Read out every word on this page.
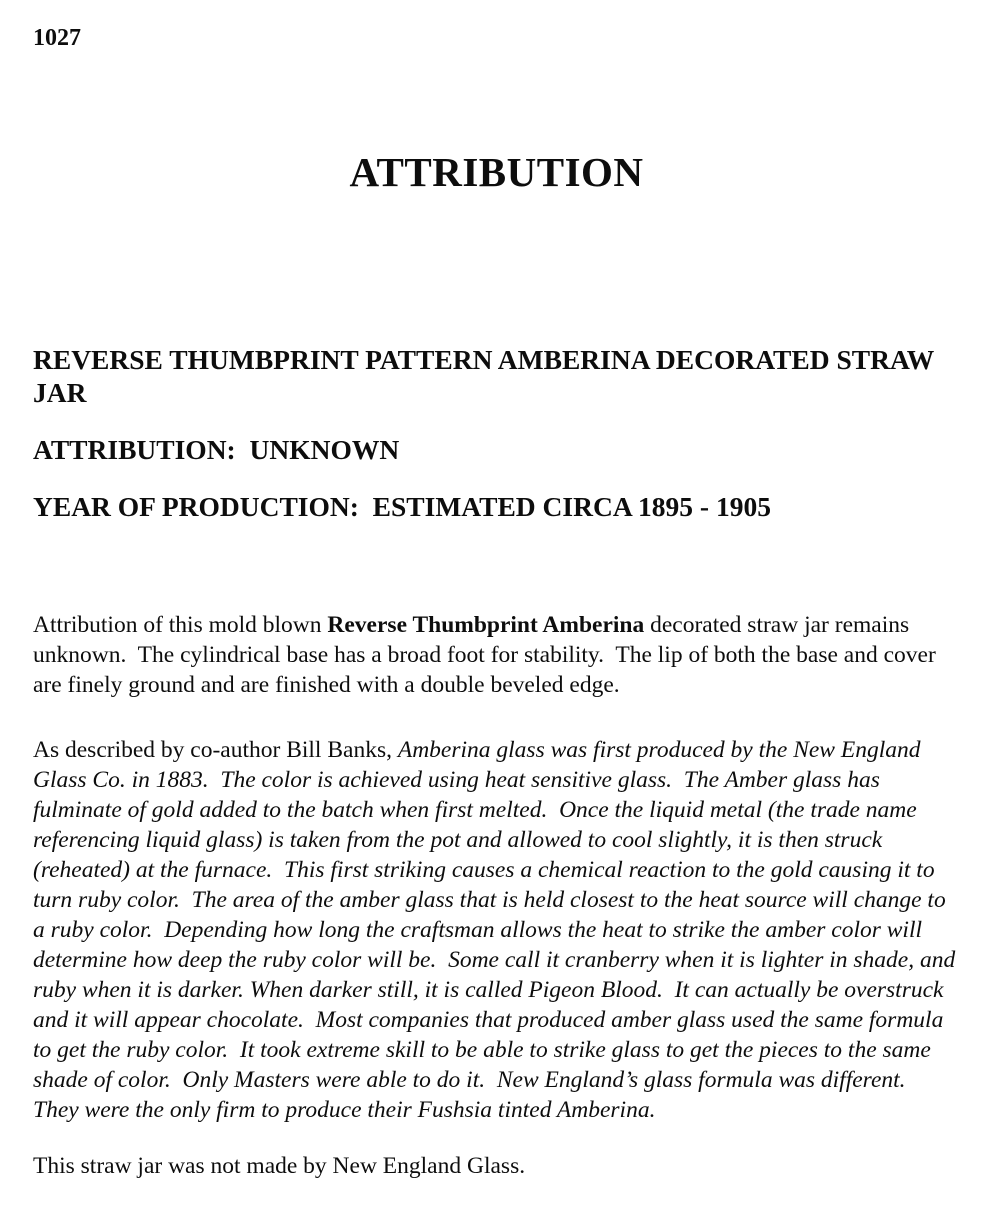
1027
ATTRIBUTION

REVERSE THUMBPRINT PATTERN AMBERINA DECORATED STRAW JAR

ATTRIBUTION:  UNKNOWN

YEAR OF PRODUCTION:  ESTIMATED CIRCA 1895 - 1905

Attribution of this mold blown Reverse Thumbprint Amberina decorated straw jar remains unknown.  The cylindrical base has a broad foot for stability.  The lip of both the base and cover are finely ground and are finished with a double beveled edge.

As described by co-author Bill Banks, Amberina glass was first produced by the New England Glass Co. in 1883.  The color is achieved using heat sensitive glass.  The Amber glass has fulminate of gold added to the batch when first melted.  Once the liquid metal (the trade name referencing liquid glass) is taken from the pot and allowed to cool slightly, it is then struck (reheated) at the furnace.  This first striking causes a chemical reaction to the gold causing it to turn ruby color.  The area of the amber glass that is held closest to the heat source will change to a ruby color.  Depending how long the craftsman allows the heat to strike the amber color will determine how deep the ruby color will be.  Some call it cranberry when it is lighter in shade, and ruby when it is darker. When darker still, it is called Pigeon Blood.  It can actually be overstruck and it will appear chocolate.  Most companies that produced amber glass used the same formula to get the ruby color.  It took extreme skill to be able to strike glass to get the pieces to the same shade of color.  Only Masters were able to do it.  New England’s glass formula was different.  They were the only firm to produce their Fushsia tinted Amberina.

This straw jar was not made by New England Glass.
